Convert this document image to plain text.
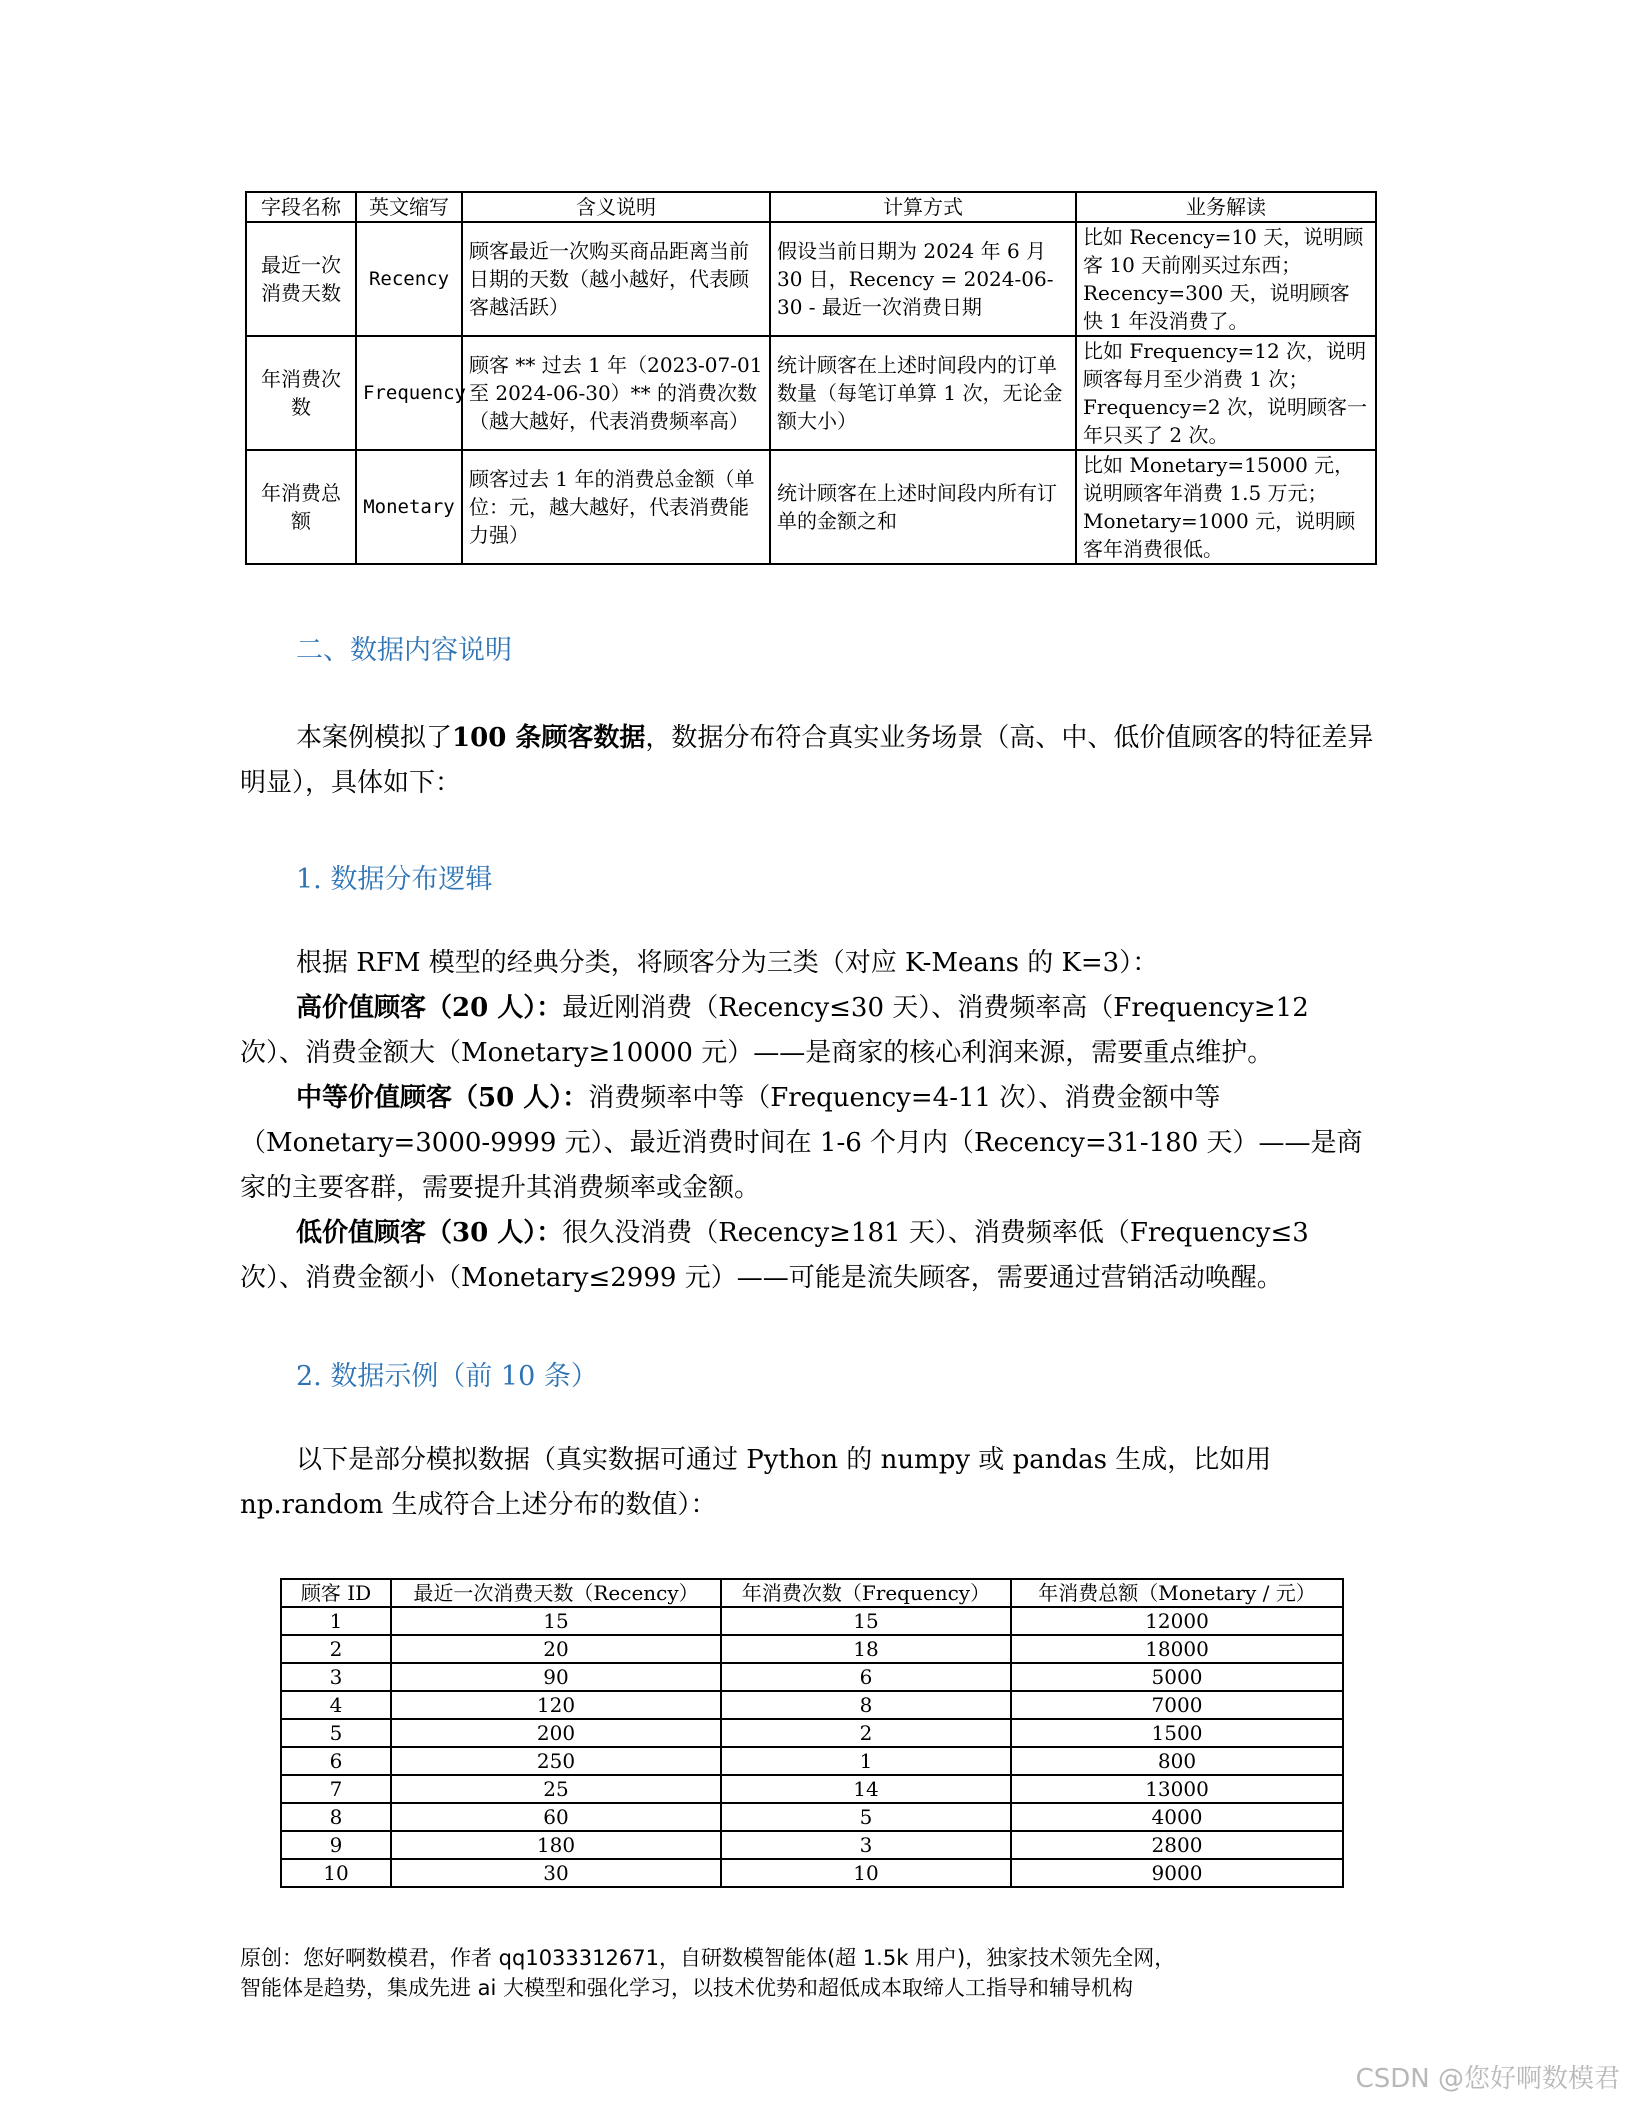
字段名称	英文缩写	含义说明	计算方式	业务解读
最近一次消费天数	Recency	顾客最近一次购买商品距离当前日期的天数（越小越好，代表顾客越活跃）	假设当前日期为 2024 年 6 月 30 日，Recency = 2024-06-30 - 最近一次消费日期	比如 Recency=10 天，说明顾客 10 天前刚买过东西；Recency=300 天，说明顾客快 1 年没消费了。
年消费次数	Frequency	顾客 ** 过去 1 年（2023-07-01 至 2024-06-30）** 的消费次数（越大越好，代表消费频率高）	统计顾客在上述时间段内的订单数量（每笔订单算 1 次，无论金额大小）	比如 Frequency=12 次，说明顾客每月至少消费 1 次；Frequency=2 次，说明顾客一年只买了 2 次。
年消费总额	Monetary	顾客过去 1 年的消费总金额（单位：元，越大越好，代表消费能力强）	统计顾客在上述时间段内所有订单的金额之和	比如 Monetary=15000 元，说明顾客年消费 1.5 万元；Monetary=1000 元，说明顾客年消费很低。
二、数据内容说明
本案例模拟了100 条顾客数据，数据分布符合真实业务场景（高、中、低价值顾客的特征差异明显），具体如下：
1. 数据分布逻辑
根据 RFM 模型的经典分类，将顾客分为三类（对应 K-Means 的 K=3）：
高价值顾客（20 人）：最近刚消费（Recency≤30 天）、消费频率高（Frequency≥12 次）、消费金额大（Monetary≥10000 元）——是商家的核心利润来源，需要重点维护。
中等价值顾客（50 人）：消费频率中等（Frequency=4-11 次）、消费金额中等（Monetary=3000-9999 元）、最近消费时间在 1-6 个月内（Recency=31-180 天）——是商家的主要客群，需要提升其消费频率或金额。
低价值顾客（30 人）：很久没消费（Recency≥181 天）、消费频率低（Frequency≤3 次）、消费金额小（Monetary≤2999 元）——可能是流失顾客，需要通过营销活动唤醒。
2. 数据示例（前 10 条）
以下是部分模拟数据（真实数据可通过 Python 的 numpy 或 pandas 生成，比如用 np.random 生成符合上述分布的数值）：
顾客 ID	最近一次消费天数（Recency）	年消费次数（Frequency）	年消费总额（Monetary / 元）
1	15	15	12000
2	20	18	18000
3	90	6	5000
4	120	8	7000
5	200	2	1500
6	250	1	800
7	25	14	13000
8	60	5	4000
9	180	3	2800
10	30	10	9000
原创：您好啊数模君，作者 qq1033312671，自研数模智能体(超 1.5k 用户)，独家技术领先全网，
智能体是趋势，集成先进 ai 大模型和强化学习，以技术优势和超低成本取缔人工指导和辅导机构
CSDN @您好啊数模君
